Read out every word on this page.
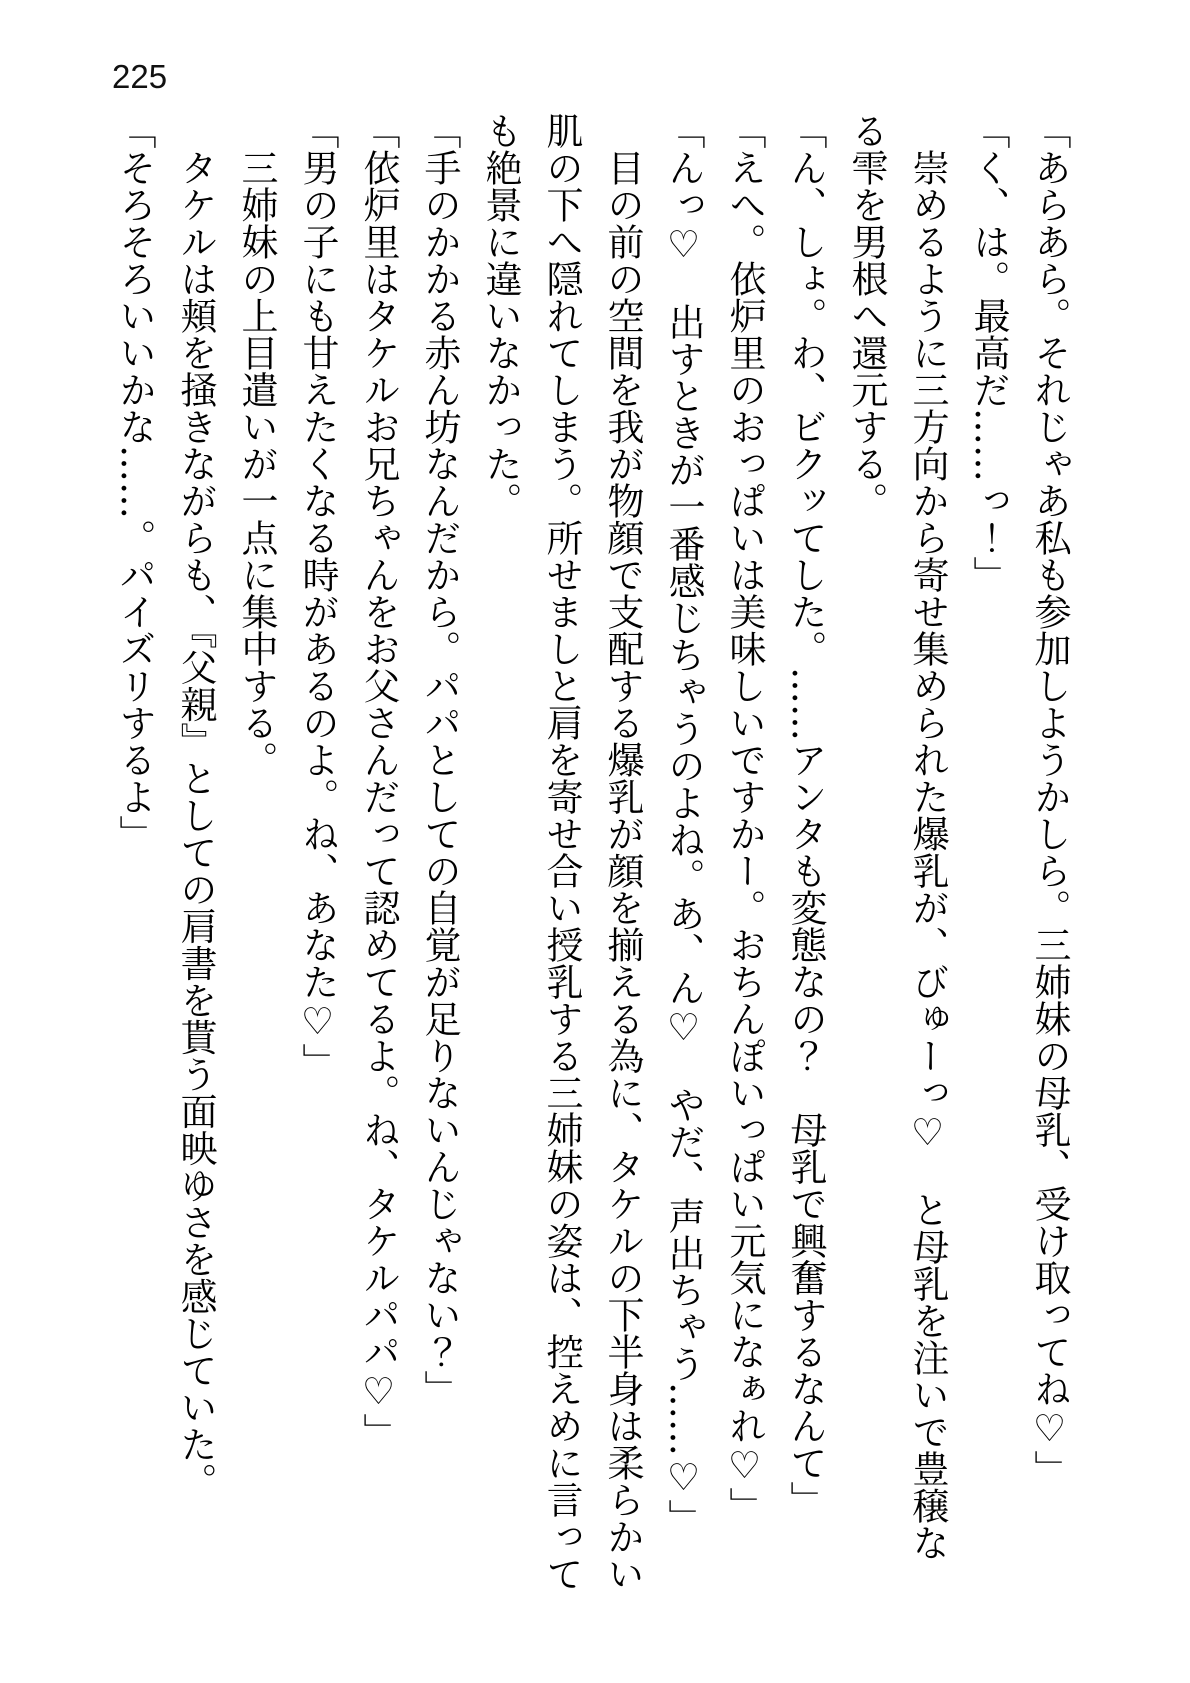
225

「あらあら。それじゃあ私も参加しようかしら。三姉妹の母乳、受け取ってね♡」

「く、は。最高だ……っ！」

　崇めるように三方向から寄せ集められた爆乳が、びゅーっ♡　と母乳を注いで豊穣なる雫を男根へ還元する。

「ん、しょ。わ、ビクッてした。……アンタも変態なの？　母乳で興奮するなんて」

「えへ。依炉里のおっぱいは美味しいですかー。おちんぽいっぱい元気になぁれ♡」

「んっ♡　出すときが一番感じちゃうのよね。あ、ん♡　やだ、声出ちゃう……♡」

　目の前の空間を我が物顔で支配する爆乳が顔を揃える為に、タケルの下半身は柔らかい肌の下へ隠れてしまう。所せましと肩を寄せ合い授乳する三姉妹の姿は、控えめに言っても絶景に違いなかった。

「手のかかる赤ん坊なんだから。パパとしての自覚が足りないんじゃない？」

「依炉里はタケルお兄ちゃんをお父さんだって認めてるよ。ね、タケルパパ♡」

「男の子にも甘えたくなる時があるのよ。ね、あなた♡」

　三姉妹の上目遣いが一点に集中する。

　タケルは頬を掻きながらも、『父親』としての肩書を貰う面映ゆさを感じていた。

「そろそろいいかな……。パイズリするよ」
